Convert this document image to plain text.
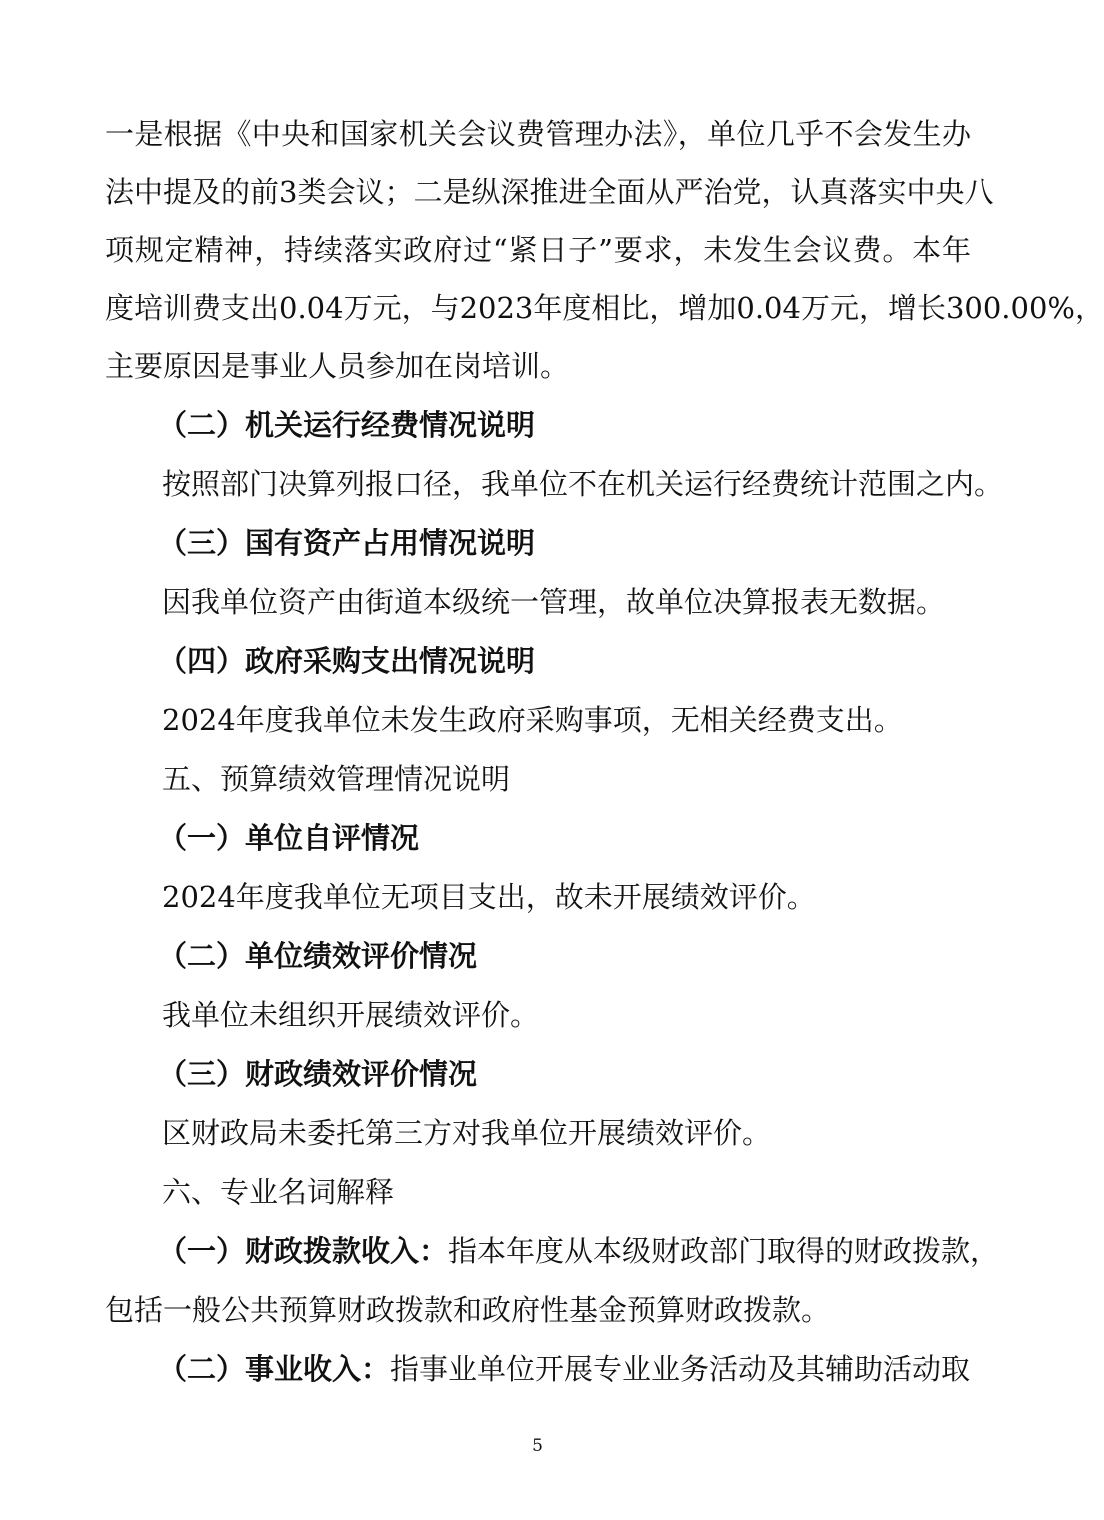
一是根据《中央和国家机关会议费管理办法》，单位几乎不会发生办
法中提及的前3类会议；二是纵深推进全面从严治党，认真落实中央八
项规定精神，持续落实政府过“紧日子”要求，未发生会议费。本年
度培训费支出0.04万元，与2023年度相比，增加0.04万元，增长300.00%，
主要原因是事业人员参加在岗培训。
（二）机关运行经费情况说明
按照部门决算列报口径，我单位不在机关运行经费统计范围之内。
（三）国有资产占用情况说明
因我单位资产由街道本级统一管理，故单位决算报表无数据。
（四）政府采购支出情况说明
2024年度我单位未发生政府采购事项，无相关经费支出。
五、预算绩效管理情况说明
（一）单位自评情况
2024年度我单位无项目支出，故未开展绩效评价。
（二）单位绩效评价情况
我单位未组织开展绩效评价。
（三）财政绩效评价情况
区财政局未委托第三方对我单位开展绩效评价。
六、专业名词解释
（一）财政拨款收入：指本年度从本级财政部门取得的财政拨款，
包括一般公共预算财政拨款和政府性基金预算财政拨款。
（二）事业收入：指事业单位开展专业业务活动及其辅助活动取
5
